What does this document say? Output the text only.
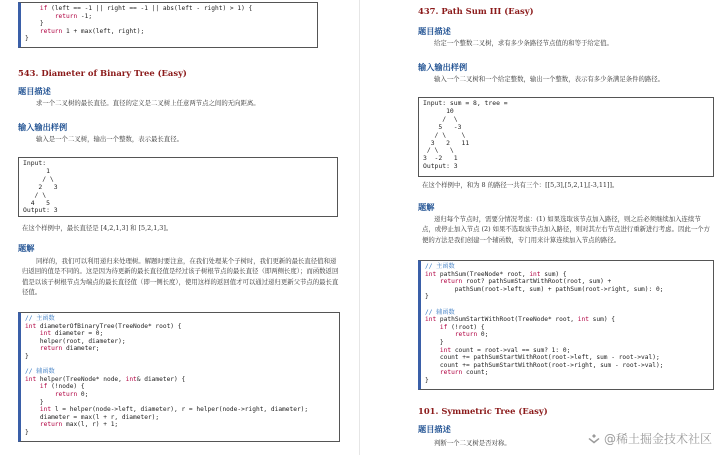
if (left == -1 || right == -1 || abs(left - right) > 1) {
return -1;
}
return 1 + max(left, right);
}
543. Diameter of Binary Tree (Easy)
题目描述
求一个二叉树的最长直径。直径的定义是二叉树上任意两节点之间的无向距离。
输入输出样例
输入是一个二叉树，输出一个整数，表示最长直径。
Input:
1
/ \
2   3
/ \
4   5
Output: 3
在这个样例中，最长直径是 [4,2,1,3] 和 [5,2,1,3]。
题解
同样的，我们可以利用递归来处理树。解题时要注意，在我们处理某个子树时，我们更新的最长直径值和递归返回的值是不同的。这是因为待更新的最长直径值是经过该子树根节点的最长直径（即两侧长度）；而函数返回值是以该子树根节点为端点的最长直径值（即一侧长度），使用这样的返回值才可以通过递归更新父节点的最长直径值。
// 主函数
int diameterOfBinaryTree(TreeNode* root) {
int diameter = 0;
helper(root, diameter);
return diameter;
}

// 辅函数
int helper(TreeNode* node, int& diameter) {
if (!node) {
return 0;
}
int l = helper(node->left, diameter), r = helper(node->right, diameter);
diameter = max(l + r, diameter);
return max(l, r) + 1;
}
437. Path Sum III (Easy)
题目描述
给定一个整数二叉树，求有多少条路径节点值的和等于给定值。
输入输出样例
输入一个二叉树和一个给定整数，输出一个整数，表示有多少条满足条件的路径。
Input: sum = 8, tree =
10
/  \
5   -3
/ \    \
3   2   11
/ \   \
3  -2   1
Output: 3
在这个样例中，和为 8 的路径一共有三个：[[5,3],[5,2,1],[-3,11]]。
题解
递归每个节点时，需要分情况考虑：(1) 如果选取该节点加入路径，则之后必须继续加入连续节点，或停止加入节点 (2) 如果不选取该节点加入路径，则对其左右节点进行重新进行考虑。因此一个方便的方法是我们创建一个辅函数，专门用来计算连续加入节点的路径。
// 主函数
int pathSum(TreeNode* root, int sum) {
return root? pathSumStartWithRoot(root, sum) +
pathSum(root->left, sum) + pathSum(root->right, sum): 0;
}

// 辅函数
int pathSumStartWithRoot(TreeNode* root, int sum) {
if (!root) {
return 0;
}
int count = root->val == sum? 1: 0;
count += pathSumStartWithRoot(root->left, sum - root->val);
count += pathSumStartWithRoot(root->right, sum - root->val);
return count;
}
101. Symmetric Tree (Easy)
题目描述
判断一个二叉树是否对称。	@稀土掘金技术社区
